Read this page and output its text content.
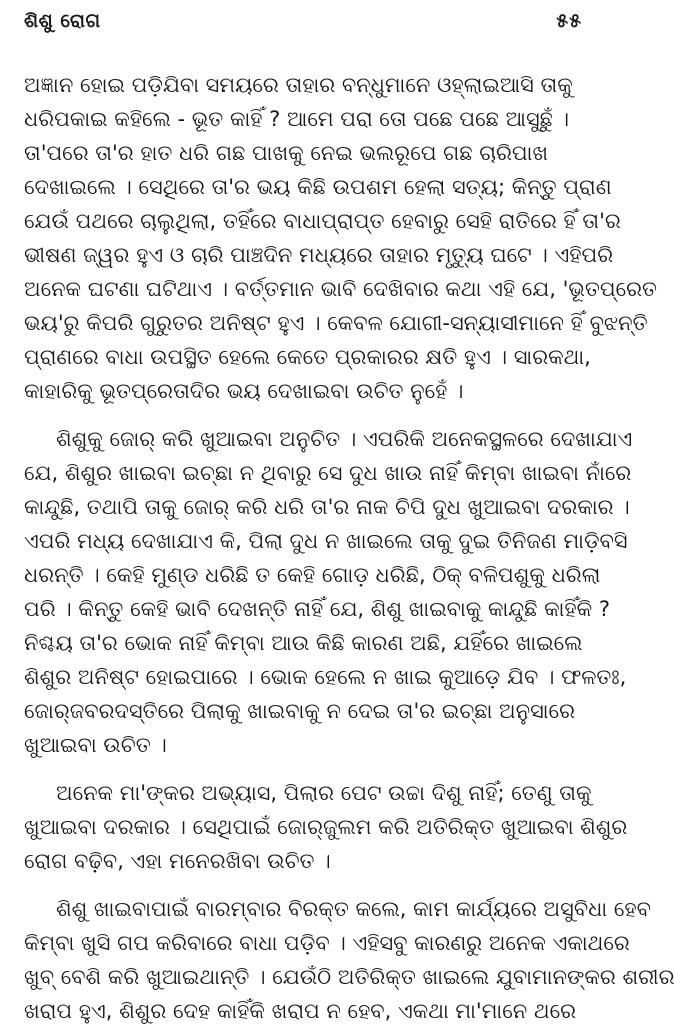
ଶିଶୁ ରୋଗ	୫୫
ଅଜ୍ଞାନ ହୋଇ ପଡ଼ିଯିବା ସମୟରେ ତାହାର ବନ୍ଧୁମାନେ ଓହ୍ଲାଇଆସି ତାକୁ
ଧରିପକାଇ କହିଲେ - ଭୂତ କାହିଁ ? ଆମେ ପରା ତୋ ପଛେ ପଛେ ଆସୁଛୁଁ ।
ତା'ପରେ ତା'ର ହାତ ଧରି ଗଛ ପାଖକୁ ନେଇ ଭଲରୂପେ ଗଛ ଚାରିପାଖ
ଦେଖାଇଲେ । ସେଥିରେ ତା'ର ଭୟ କିଛି ଉପଶମ ହେଲା ସତ୍ୟ; କିନ୍ତୁ ପ୍ରାଣ
ଯେଉଁ ପଥରେ ଚାଲୁଥିଲା, ତହିଁରେ ବାଧାପ୍ରାପ୍ତ ହେବାରୁ ସେହି ରାତିରେ ହିଁ ତା'ର
ଭୀଷଣ ଜ୍ୱର ହୁଏ ଓ ଚାରି ପାଞ୍ଚଦିନ ମଧ୍ୟରେ ତାହାର ମୃତ୍ୟୁ ଘଟେ । ଏହିପରି
ଅନେକ ଘଟଣା ଘଟିଥାଏ । ବର୍ତ୍ତମାନ ଭାବି ଦେଖିବାର କଥା ଏହି ଯେ, 'ଭୂତପ୍ରେତ
ଭୟ'ରୁ କିପରି ଗୁରୁତର ଅନିଷ୍ଟ ହୁଏ । କେବଳ ଯୋଗୀ-ସନ୍ୟାସୀମାନେ ହିଁ ବୁଝନ୍ତି
ପ୍ରାଣରେ ବାଧା ଉପସ୍ଥିତ ହେଲେ କେତେ ପ୍ରକାରର କ୍ଷତି ହୁଏ । ସାରକଥା,
କାହାରିକୁ ଭୂତପ୍ରେତାଦିର ଭୟ ଦେଖାଇବା ଉଚିତ ନୁହେଁ ।
ଶିଶୁକୁ ଜୋର୍ କରି ଖୁଆଇବା ଅନୁଚିତ । ଏପରିକି ଅନେକସ୍ଥଳରେ ଦେଖାଯାଏ
ଯେ, ଶିଶୁର ଖାଇବା ଇଚ୍ଛା ନ ଥିବାରୁ ସେ ଦୁଧ ଖାଉ ନାହିଁ କିମ୍ବା ଖାଇବା ନାଁରେ
କାନ୍ଦୁଛି, ତଥାପି ତାକୁ ଜୋର୍ କରି ଧରି ତା'ର ନାକ ଚିପି ଦୁଧ ଖୁଆଇବା ଦରକାର ।
ଏପରି ମଧ୍ୟ ଦେଖାଯାଏ କି, ପିଲା ଦୁଧ ନ ଖାଇଲେ ତାକୁ ଦୁଇ ତିନିଜଣ ମାଡ଼ିବସି
ଧରନ୍ତି । କେହି ମୁଣ୍ଡ ଧରିଛି ତ କେହି ଗୋଡ଼ ଧରିଛି, ଠିକ୍ ବଳିପଶୁକୁ ଧରିଲା
ପରି । କିନ୍ତୁ କେହି ଭାବି ଦେଖନ୍ତି ନାହିଁ ଯେ, ଶିଶୁ ଖାଇବାକୁ କାନ୍ଦୁଛି କାହିଁକି ?
ନିଶ୍ଚୟ ତା'ର ଭୋକ ନାହିଁ କିମ୍ବା ଆଉ କିଛି କାରଣ ଅଛି, ଯହିଁରେ ଖାଇଲେ
ଶିଶୁର ଅନିଷ୍ଟ ହୋଇପାରେ । ଭୋକ ହେଲେ ନ ଖାଇ କୁଆଡ଼େ ଯିବ । ଫଳତଃ,
ଜୋର୍‌ଜବରଦସ୍ତିରେ ପିଲାକୁ ଖାଇବାକୁ ନ ଦେଇ ତା'ର ଇଚ୍ଛା ଅନୁସାରେ
ଖୁଆଇବା ଉଚିତ ।
ଅନେକ ମା'ଙ୍କର ଅଭ୍ୟାସ, ପିଲାର ପେଟ ଉଚ୍ଚା ଦିଶୁ ନାହିଁ; ତେଣୁ ତାକୁ
ଖୁଆଇବା ଦରକାର । ସେଥିପାଇଁ ଜୋର୍‌ଜୁଲମ କରି ଅତିରିକ୍ତ ଖୁଆଇବା ଶିଶୁର
ରୋଗ ବଢ଼ିବ, ଏହା ମନେରଖିବା ଉଚିତ ।
ଶିଶୁ ଖାଇବାପାଇଁ ବାରମ୍ବାର ବିରକ୍ତ କଲେ, କାମ କାର୍ଯ୍ୟରେ ଅସୁବିଧା ହେବ
କିମ୍ବା ଖୁସି ଗପ କରିବାରେ ବାଧା ପଡ଼ିବ । ଏହିସବୁ କାରଣରୁ ଅନେକ ଏକାଥରେ
ଖୁବ୍ ବେଶି କରି ଖୁଆଇଥାନ୍ତି । ଯେଉଁଠି ଅତିରିକ୍ତ ଖାଇଲେ ଯୁବାମାନଙ୍କର ଶରୀର
ଖରାପ ହୁଏ, ଶିଶୁର ଦେହ କାହିଁକି ଖରାପ ନ ହେବ, ଏକଥା ମା'ମାନେ ଥରେ
